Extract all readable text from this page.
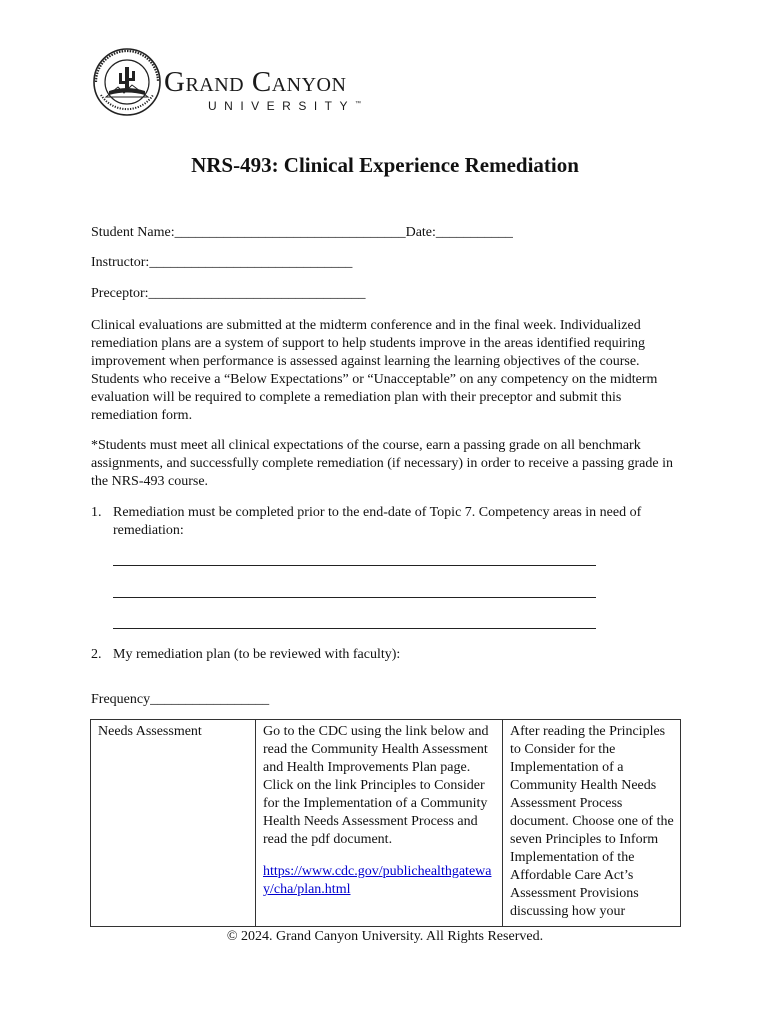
Grand Canyon
UNIVERSITY™
NRS-493: Clinical Experience Remediation
Student Name:_________________________________Date:___________
Instructor:_____________________________
Preceptor:_______________________________

Clinical evaluations are submitted at the midterm conference and in the final week. Individualized remediation plans are a system of support to help students improve in the areas identified requiring improvement when performance is assessed against learning the learning objectives of the course. Students who receive a “Below Expectations” or “Unacceptable” on any competency on the midterm evaluation will be required to complete a remediation plan with their preceptor and submit this remediation form.

*Students must meet all clinical expectations of the course, earn a passing grade on all benchmark assignments, and successfully complete remediation (if necessary) in order to receive a passing grade in the NRS-493 course.

1. Remediation must be completed prior to the end-date of Topic 7. Competency areas in need of remediation:
2. My remediation plan (to be reviewed with faculty):
Frequency_________________
Needs Assessment	Go to the CDC using the link below and read the Community Health Assessment and Health Improvements Plan page. Click on the link Principles to Consider for the Implementation of a Community Health Needs Assessment Process and read the pdf document.
https://www.cdc.gov/publichealthgateway/cha/plan.html
	After reading the Principles to Consider for the Implementation of a Community Health Needs Assessment Process document. Choose one of the seven Principles to Inform Implementation of the Affordable Care Act’s Assessment Provisions discussing how your
© 2024. Grand Canyon University. All Rights Reserved.
